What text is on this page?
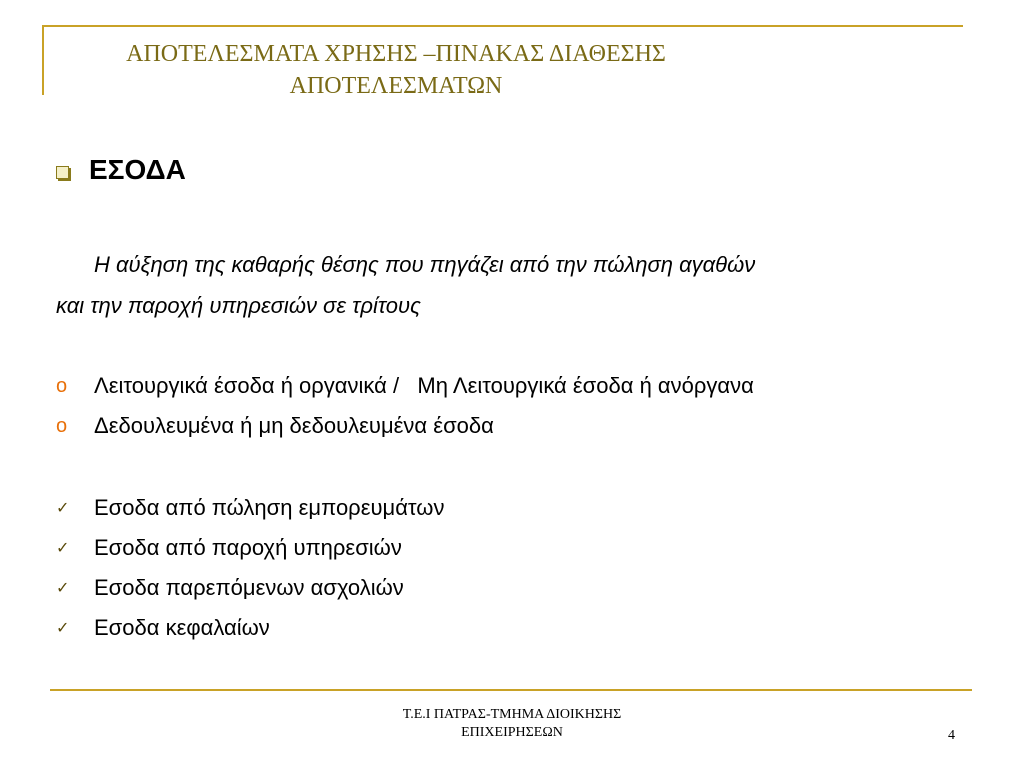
ΑΠΟΤΕΛΕΣΜΑΤΑ ΧΡΗΣΗΣ –ΠΙΝΑΚΑΣ ΔΙΑΘΕΣΗΣ
ΑΠΟΤΕΛΕΣΜΑΤΩΝ
ΕΣΟΔΑ
Η αύξηση της καθαρής θέσης που πηγάζει από την πώληση αγαθών
και την παροχή υπηρεσιών σε τρίτους
o	Λειτουργικά έσοδα ή οργανικά /   Μη Λειτουργικά έσοδα ή ανόργανα
o	Δεδουλευμένα ή μη δεδουλευμένα έσοδα
✓	Εσοδα από πώληση εμπορευμάτων
✓	Εσοδα από παροχή υπηρεσιών
✓	Εσοδα παρεπόμενων ασχολιών
✓	Εσοδα κεφαλαίων
Τ.Ε.Ι ΠΑΤΡΑΣ-ΤΜΗΜΑ ΔΙΟΙΚΗΣΗΣ
ΕΠΙΧΕΙΡΗΣΕΩΝ	4
